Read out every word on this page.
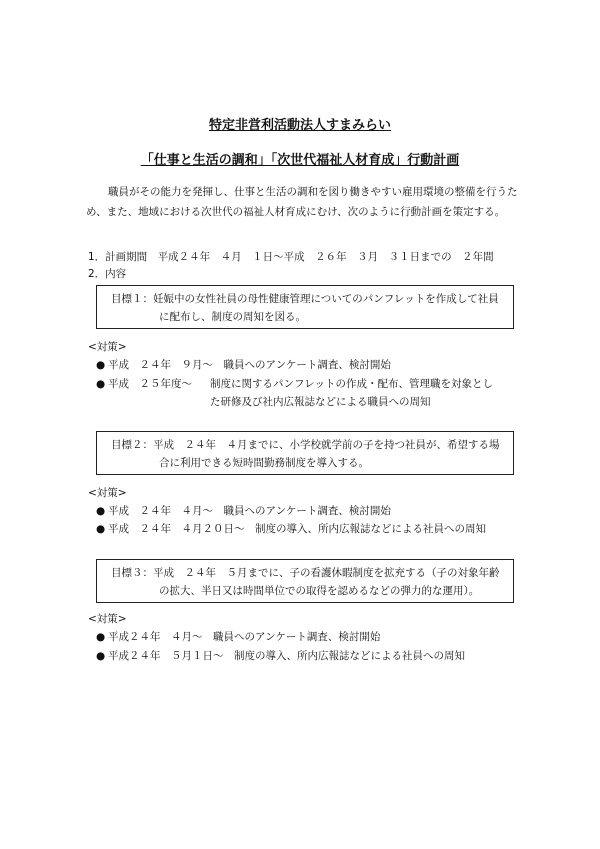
特定非営利活動法人すまみらい
「仕事と生活の調和」「次世代福祉人材育成」行動計画
職員がその能力を発揮し、仕事と生活の調和を図り働きやすい雇用環境の整備を行うため、また、地域における次世代の福祉人材育成にむけ、次のように行動計画を策定する。
1．計画期間　平成２４年　４月　１日～平成　２６年　３月　３１日までの　２年間
2．内容
目標１：妊娠中の女性社員の母性健康管理についてのパンフレットを作成して社員
に配布し、制度の周知を図る。
<対策>
● 平成　２４年　９月～　 職員へのアンケート調査、検討開始
● 平成　２５年度～ 制度に関するパンフレットの作成・配布、管理職を対象とし
た研修及び社内広報誌などによる職員への周知
目標２：平成　２４年　４月までに、小学校就学前の子を持つ社員が、希望する場
合に利用できる短時間勤務制度を導入する。
<対策>
● 平成　２４年　４月～　 職員へのアンケート調査、検討開始
● 平成　２４年　４月２０日～　 制度の導入、所内広報誌などによる社員への周知
目標３：平成　２４年　５月までに、子の看護休暇制度を拡充する（子の対象年齢
の拡大、半日又は時間単位での取得を認めるなどの弾力的な運用）。
<対策>
● 平成２４年　４月～　 職員へのアンケート調査、検討開始
● 平成２４年　５月１日～　 制度の導入、所内広報誌などによる社員への周知
